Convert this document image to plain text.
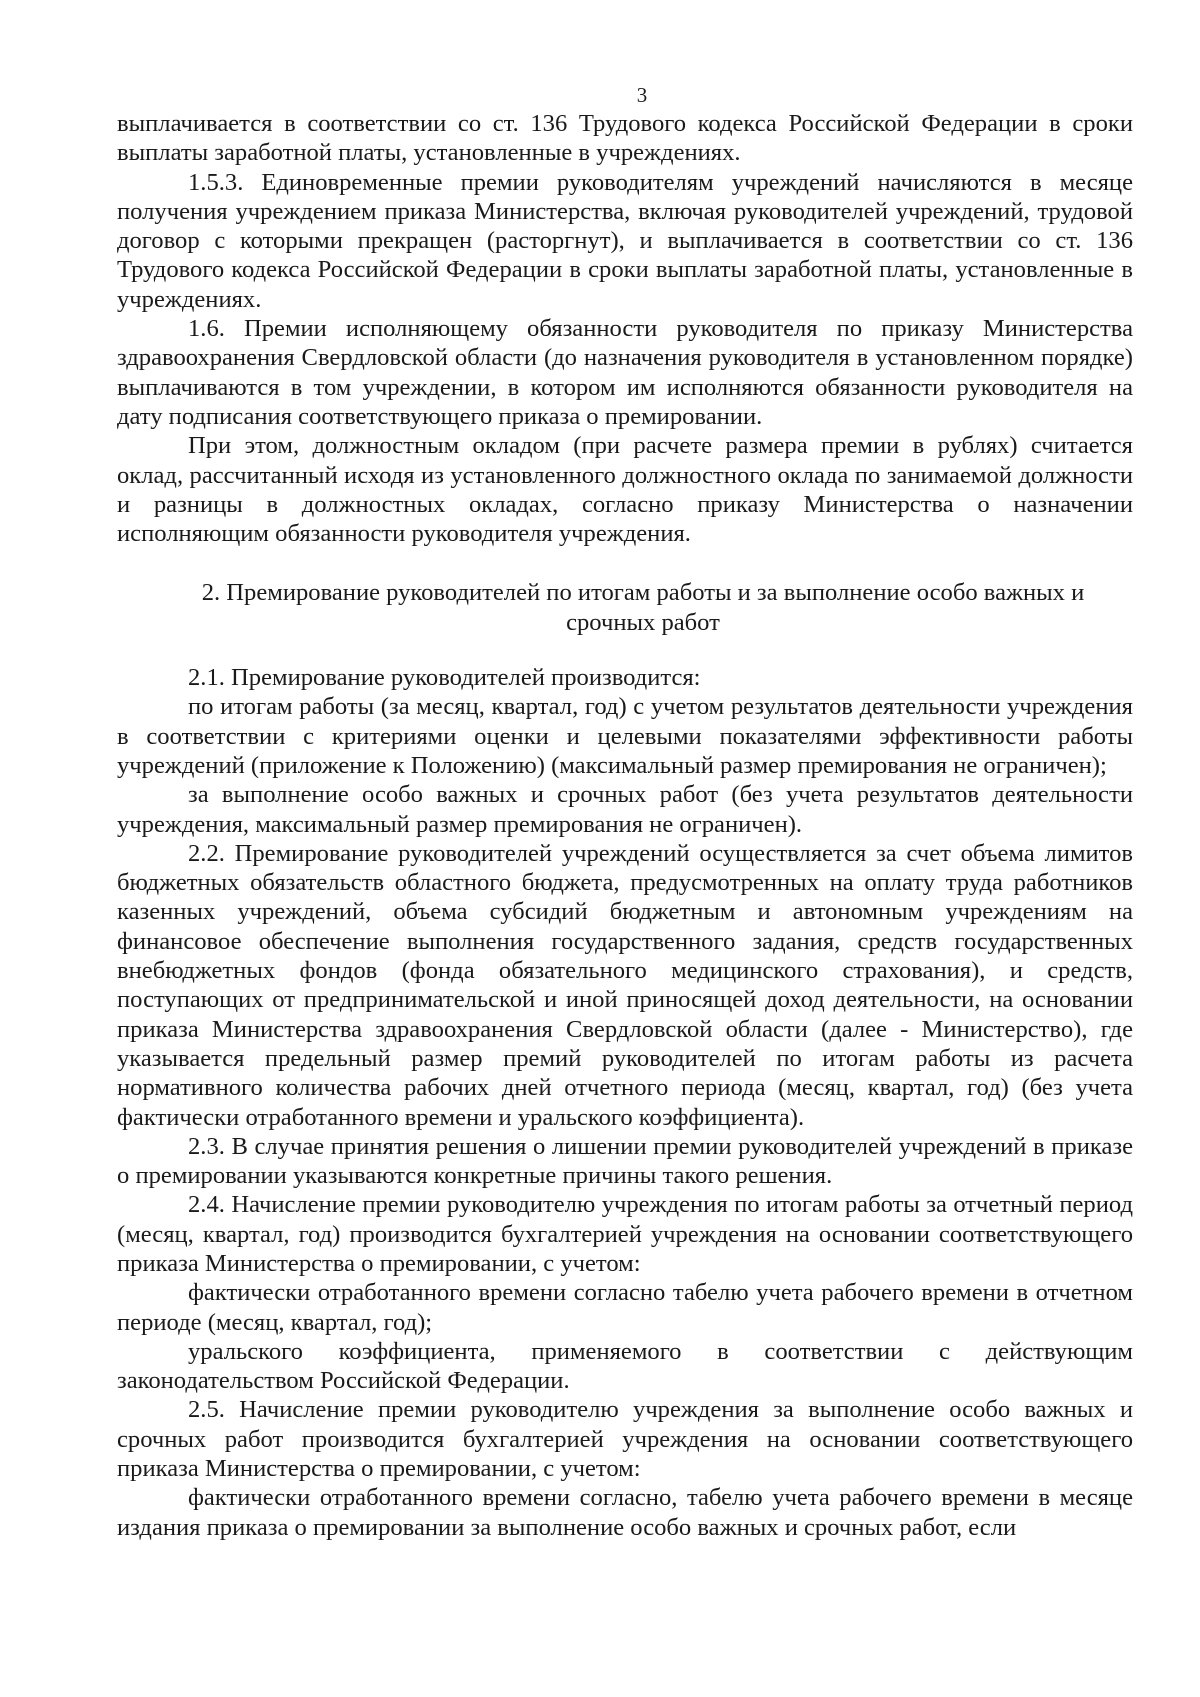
3

выплачивается в соответствии со ст. 136 Трудового кодекса Российской Федерации в сроки выплаты заработной платы, установленные в учреждениях.

1.5.3. Единовременные премии руководителям учреждений начисляются в месяце получения учреждением приказа Министерства, включая руководителей учреждений, трудовой договор с которыми прекращен (расторгнут), и выплачивается в соответствии со ст. 136 Трудового кодекса Российской Федерации в сроки выплаты заработной платы, установленные в учреждениях.

1.6. Премии исполняющему обязанности руководителя по приказу Министерства здравоохранения Свердловской области (до назначения руководителя в установленном порядке) выплачиваются в том учреждении, в котором им исполняются обязанности руководителя на дату подписания соответствующего приказа о премировании.

При этом, должностным окладом (при расчете размера премии в рублях) считается оклад, рассчитанный исходя из установленного должностного оклада по занимаемой должности и разницы в должностных окладах, согласно приказу Министерства о назначении исполняющим обязанности руководителя учреждения.

2. Премирование руководителей по итогам работы и за выполнение особо важных и
срочных работ

2.1. Премирование руководителей производится:

по итогам работы (за месяц, квартал, год) с учетом результатов деятельности учреждения в соответствии с критериями оценки и целевыми показателями эффективности работы учреждений (приложение к Положению) (максимальный размер премирования не ограничен);

за выполнение особо важных и срочных работ (без учета результатов деятельности учреждения, максимальный размер премирования не ограничен).

2.2. Премирование руководителей учреждений осуществляется за счет объема лимитов бюджетных обязательств областного бюджета, предусмотренных на оплату труда работников казенных учреждений, объема субсидий бюджетным и автономным учреждениям на финансовое обеспечение выполнения государственного задания, средств государственных внебюджетных фондов (фонда обязательного медицинского страхования), и средств, поступающих от предпринимательской и иной приносящей доход деятельности, на основании приказа Министерства здравоохранения Свердловской области (далее - Министерство), где указывается предельный размер премий руководителей по итогам работы из расчета нормативного количества рабочих дней отчетного периода (месяц, квартал, год) (без учета фактически отработанного времени и уральского коэффициента).

2.3. В случае принятия решения о лишении премии руководителей учреждений в приказе о премировании указываются конкретные причины такого решения.

2.4. Начисление премии руководителю учреждения по итогам работы за отчетный период (месяц, квартал, год) производится бухгалтерией учреждения на основании соответствующего приказа Министерства о премировании, с учетом:

фактически отработанного времени согласно табелю учета рабочего времени в отчетном периоде (месяц, квартал, год);

уральского коэффициента, применяемого в соответствии с действующим законодательством Российской Федерации.

2.5. Начисление премии руководителю учреждения за выполнение особо важных и срочных работ производится бухгалтерией учреждения на основании соответствующего приказа Министерства о премировании, с учетом:

фактически отработанного времени согласно, табелю учета рабочего времени в месяце издания приказа о премировании за выполнение особо важных и срочных работ, если
